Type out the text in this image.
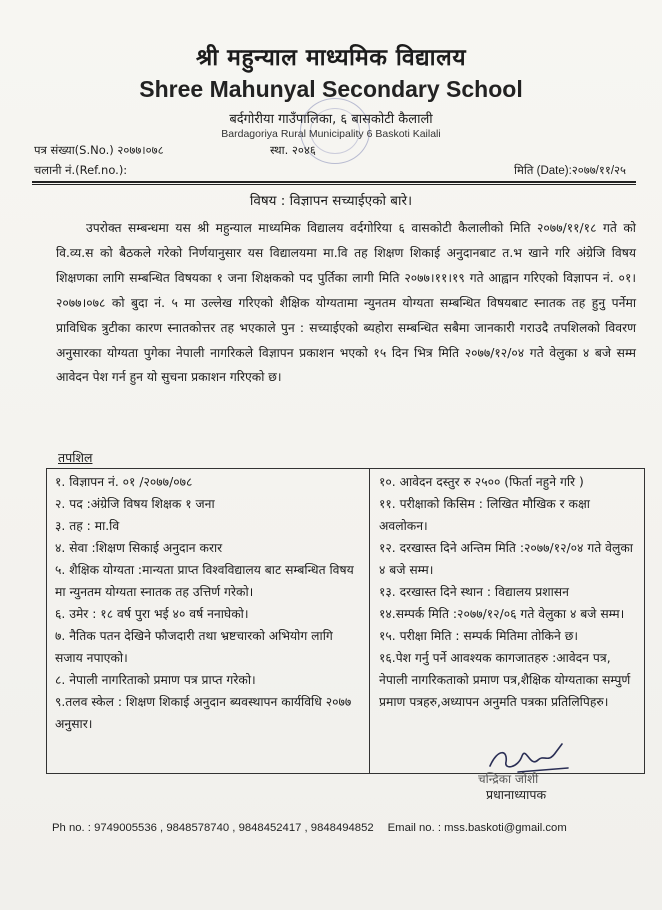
श्री महुन्याल माध्यमिक विद्यालय
Shree Mahunyal Secondary School
बर्दगोरीया गाउँपालिका, ६ बासकोटी कैलाली
Bardagoriya Rural Municipality 6 Baskoti Kailali
पत्र संख्या(S.No.) २०७७।०७८	स्था. २०४६
चलानी नं.(Ref.no.):	मिति (Date):२०७७/११/२५
विषय : विज्ञापन सच्याईएको बारे।
उपरोक्त सम्बन्धमा यस श्री महुन्याल माध्यमिक विद्यालय वर्दगोरिया ६ वासकोटी कैलालीको मिति २०७७/११/१८ गते को वि.व्य.स को बैठकले गरेको निर्णयानुसार यस विद्यालयमा मा.वि तह शिक्षण शिकाई अनुदानबाट त.भ खाने गरि अंग्रेजि विषय शिक्षणका लागि सम्बन्धित विषयका १ जना शिक्षकको पद पुर्तिका लागी मिति २०७७।११।१९ गते आह्वान गरिएको विज्ञापन नं. ०१।२०७७।०७८ को बुदा नं. ५ मा उल्लेख गरिएको शैक्षिक योग्यतामा न्युनतम योग्यता सम्बन्धित विषयबाट स्नातक तह हुनु पर्नेमा प्राविधिक त्रुटीका कारण स्नातकोत्तर तह भएकाले पुन : सच्याईएको ब्यहोरा सम्बन्धित सबैमा जानकारी गराउदै तपशिलको विवरण अनुसारका योग्यता पुगेका नेपाली नागरिकले विज्ञापन प्रकाशन भएको १५ दिन भित्र मिति २०७७/१२/०४ गते वेलुका ४ बजे सम्म आवेदन पेश गर्न हुन यो सुचना प्रकाशन गरिएको छ।
तपशिल
१. विज्ञापन नं. ०१ /२०७७/०७८
२. पद :अंग्रेजि विषय शिक्षक १ जना
३. तह : मा.वि
४. सेवा :शिक्षण सिकाई अनुदान करार
५. शैक्षिक योग्यता :मान्यता प्राप्त विश्वविद्यालय बाट सम्बन्धित विषय मा न्युनतम योग्यता स्नातक तह उत्तिर्ण गरेको।
६. उमेर : १८ वर्ष पुरा भई ४० वर्ष ननाघेको।
७. नैतिक पतन देखिने फौजदारी तथा भ्रष्टचारको अभियोग लागि सजाय नपाएको।
८. नेपाली नागरिताको प्रमाण पत्र प्राप्त गरेको।
९.तलव स्केल : शिक्षण शिकाई अनुदान ब्यवस्थापन कार्यविधि २०७७ अनुसार।
१०. आवेदन दस्तुर रु २५०० (फिर्ता नहुने गरि )
११. परीक्षाको किसिम : लिखित मौखिक र कक्षा अवलोकन।
१२. दरखास्त दिने अन्तिम मिति :२०७७/१२/०४ गते वेलुका ४ बजे सम्म।
१३. दरखास्त दिने स्थान : विद्यालय प्रशासन
१४.सम्पर्क मिति :२०७७/१२/०६ गते वेलुका ४ बजे सम्म।
१५. परीक्षा मिति : सम्पर्क मितिमा तोकिने छ।
१६.पेश गर्नु पर्ने आवश्यक कागजातहरु :आवेदन पत्र, नेपाली नागरिकताको प्रमाण पत्र,शैक्षिक योग्यताका सम्पुर्ण प्रमाण पत्रहरु,अध्यापन अनुमति पत्रका प्रतिलिपिहरु।
चन्द्रिका जोशी
प्रधानाध्यापक
Ph no. : 9749005536 , 9848578740 , 9848452417 , 9848494852 Email no. : mss.baskoti@gmail.com
